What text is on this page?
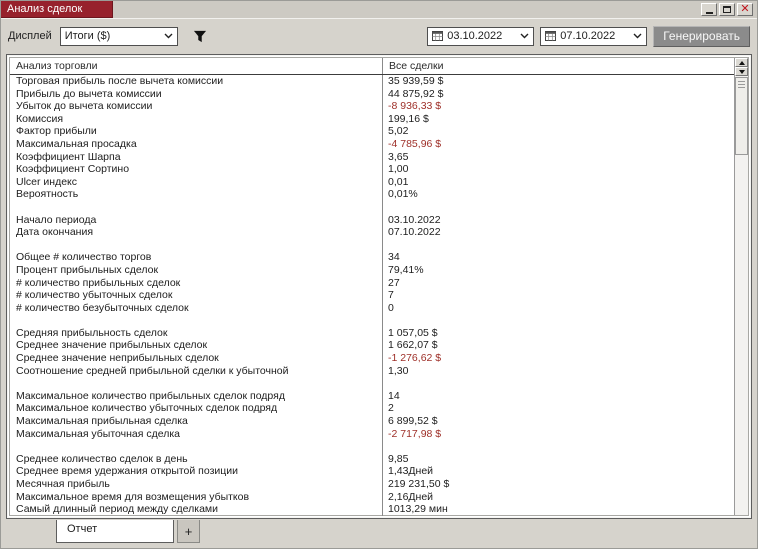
Анализ сделок	✕
Дисплей Итоги ($)	03.10.2022	07.10.2022	Генерировать
Анализ торговли	Все сделки
Торговая прибыль после вычета комиссии	35 939,59 $
Прибыль до вычета комиссии	44 875,92 $
Убыток до вычета комиссии	-8 936,33 $
Комиссия	199,16 $
Фактор прибыли	5,02
Максимальная просадка	-4 785,96 $
Коэффициент Шарпа	3,65
Коэффициент Сортино	1,00
Ulcer индекс	0,01
Вероятность	0,01%
Начало периода	03.10.2022
Дата окончания	07.10.2022
Общее # количество торгов	34
Процент прибыльных сделок	79,41%
# количество прибыльных сделок	27
# количество убыточных сделок	7
# количество безубыточных сделок	0
Средняя прибыльность сделок	1 057,05 $
Среднее значение прибыльных сделок	1 662,07 $
Среднее значение неприбыльных сделок	-1 276,62 $
Соотношение средней прибыльной сделки к убыточной	1,30
Максимальное количество прибыльных сделок подряд	14
Максимальное количество убыточных сделок подряд	2
Максимальная прибыльная сделка	6 899,52 $
Максимальная убыточная сделка	-2 717,98 $
Среднее количество сделок в день	9,85
Среднее время удержания открытой позиции	1,43Дней
Месячная прибыль	219 231,50 $
Максимальное время для возмещения убытков	2,16Дней
Самый длинный период между сделками	1013,29 мин
Отчет	+
